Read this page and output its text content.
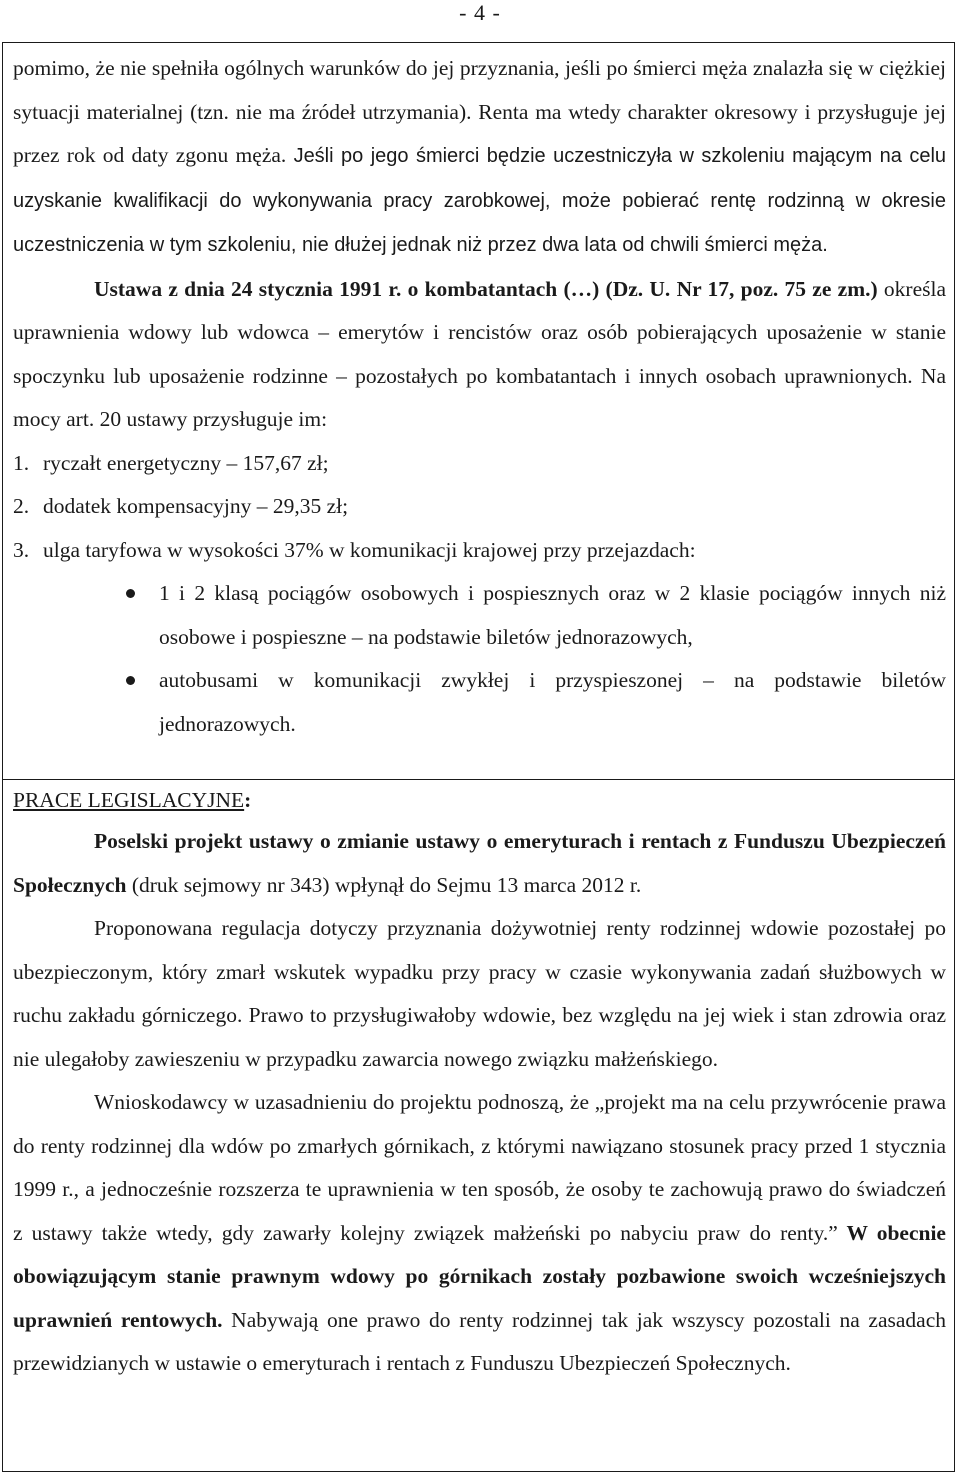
- 4 -

pomimo, że nie spełniła ogólnych warunków do jej przyznania, jeśli po śmierci męża znalazła się w ciężkiej sytuacji materialnej (tzn. nie ma źródeł utrzymania). Renta ma wtedy charakter okresowy i przysługuje jej przez rok od daty zgonu męża. Jeśli po jego śmierci będzie uczestniczyła w szkoleniu mającym na celu uzyskanie kwalifikacji do wykonywania pracy zarobkowej, może pobierać rentę rodzinną w okresie uczestniczenia w tym szkoleniu, nie dłużej jednak niż przez dwa lata od chwili śmierci męża.

Ustawa z dnia 24 stycznia 1991 r. o kombatantach (…) (Dz. U. Nr 17, poz. 75 ze zm.) określa uprawnienia wdowy lub wdowca – emerytów i rencistów oraz osób pobierających uposażenie w stanie spoczynku lub uposażenie rodzinne – pozostałych po kombatantach i innych osobach uprawnionych. Na mocy art. 20 ustawy przysługuje im:

1. ryczałt energetyczny – 157,67 zł;
2. dodatek kompensacyjny – 29,35 zł;
3. ulga taryfowa w wysokości 37% w komunikacji krajowej przy przejazdach:
1 i 2 klasą pociągów osobowych i pospiesznych oraz w 2 klasie pociągów innych niż osobowe i pospieszne – na podstawie biletów jednorazowych,
autobusami w komunikacji zwykłej i przyspieszonej – na podstawie biletów jednorazowych.

PRACE LEGISLACYJNE:

Poselski projekt ustawy o zmianie ustawy o emeryturach i rentach z Funduszu Ubezpieczeń Społecznych (druk sejmowy nr 343) wpłynął do Sejmu 13 marca 2012 r.

Proponowana regulacja dotyczy przyznania dożywotniej renty rodzinnej wdowie pozostałej po ubezpieczonym, który zmarł wskutek wypadku przy pracy w czasie wykonywania zadań służbowych w ruchu zakładu górniczego. Prawo to przysługiwałoby wdowie, bez względu na jej wiek i stan zdrowia oraz nie ulegałoby zawieszeniu w przypadku zawarcia nowego związku małżeńskiego.

Wnioskodawcy w uzasadnieniu do projektu podnoszą, że „projekt ma na celu przywrócenie prawa do renty rodzinnej dla wdów po zmarłych górnikach, z którymi nawiązano stosunek pracy przed 1 stycznia 1999 r., a jednocześnie rozszerza te uprawnienia w ten sposób, że osoby te zachowują prawo do świadczeń z ustawy także wtedy, gdy zawarły kolejny związek małżeński po nabyciu praw do renty.” W obecnie obowiązującym stanie prawnym wdowy po górnikach zostały pozbawione swoich wcześniejszych uprawnień rentowych. Nabywają one prawo do renty rodzinnej tak jak wszyscy pozostali na zasadach przewidzianych w ustawie o emeryturach i rentach z Funduszu Ubezpieczeń Społecznych.
